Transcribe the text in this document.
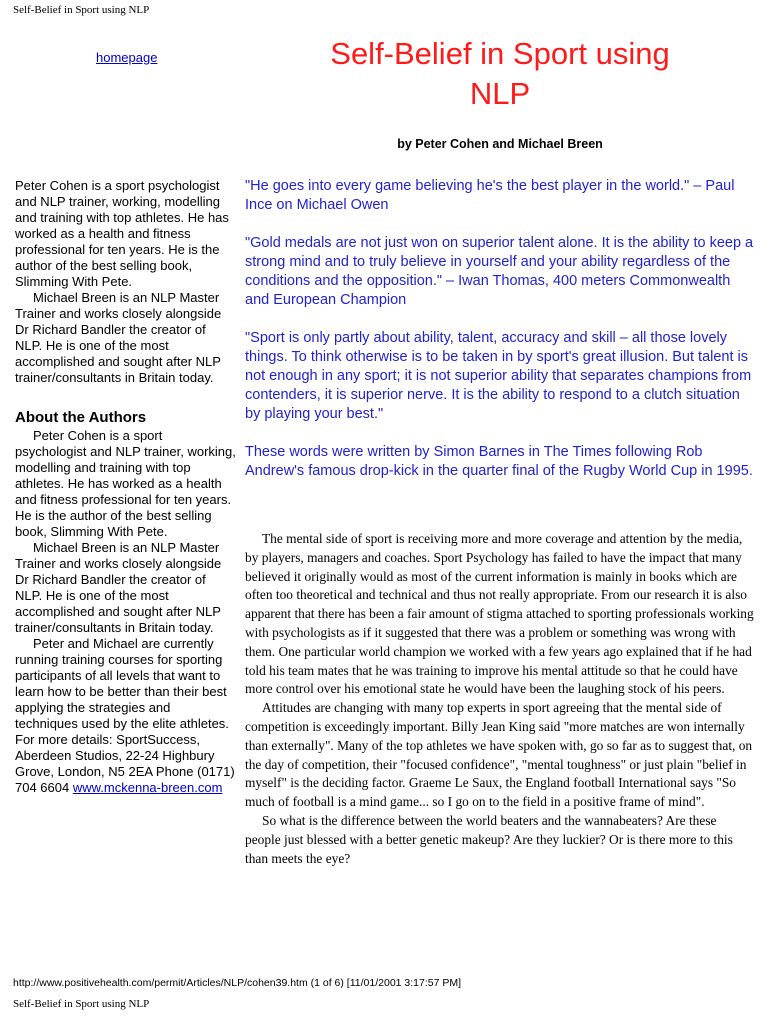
Self-Belief in Sport using NLP
homepage	Self-Belief in Sport using NLP
by Peter Cohen and Michael Breen

Peter Cohen is a sport psychologist and NLP trainer, working, modelling and training with top athletes. He has worked as a health and fitness professional for ten years. He is the author of the best selling book, Slimming With Pete.

Michael Breen is an NLP Master Trainer and works closely alongside Dr Richard Bandler the creator of NLP. He is one of the most accomplished and sought after NLP trainer/consultants in Britain today.

About the Authors

Peter Cohen is a sport psychologist and NLP trainer, working, modelling and training with top athletes. He has worked as a health and fitness professional for ten years. He is the author of the best selling book, Slimming With Pete.

Michael Breen is an NLP Master Trainer and works closely alongside Dr Richard Bandler the creator of NLP. He is one of the most accomplished and sought after NLP trainer/consultants in Britain today.

Peter and Michael are currently running training courses for sporting participants of all levels that want to learn how to be better than their best applying the strategies and techniques used by the elite athletes. For more details: SportSuccess, Aberdeen Studios, 22-24 Highbury Grove, London, N5 2EA Phone (0171) 704 6604 www.mckenna-breen.com

"He goes into every game believing he's the best player in the world." – Paul Ince on Michael Owen

"Gold medals are not just won on superior talent alone. It is the ability to keep a strong mind and to truly believe in yourself and your ability regardless of the conditions and the opposition." – Iwan Thomas, 400 meters Commonwealth and European Champion

"Sport is only partly about ability, talent, accuracy and skill – all those lovely things. To think otherwise is to be taken in by sport's great illusion. But talent is not enough in any sport; it is not superior ability that separates champions from contenders, it is superior nerve. It is the ability to respond to a clutch situation by playing your best."

These words were written by Simon Barnes in The Times following Rob Andrew's famous drop-kick in the quarter final of the Rugby World Cup in 1995.

The mental side of sport is receiving more and more coverage and attention by the media, by players, managers and coaches. Sport Psychology has failed to have the impact that many believed it originally would as most of the current information is mainly in books which are often too theoretical and technical and thus not really appropriate. From our research it is also apparent that there has been a fair amount of stigma attached to sporting professionals working with psychologists as if it suggested that there was a problem or something was wrong with them. One particular world champion we worked with a few years ago explained that if he had told his team mates that he was training to improve his mental attitude so that he could have more control over his emotional state he would have been the laughing stock of his peers.

Attitudes are changing with many top experts in sport agreeing that the mental side of competition is exceedingly important. Billy Jean King said "more matches are won internally than externally". Many of the top athletes we have spoken with, go so far as to suggest that, on the day of competition, their "focused confidence", "mental toughness" or just plain "belief in myself" is the deciding factor. Graeme Le Saux, the England football International says "So much of football is a mind game... so I go on to the field in a positive frame of mind".

So what is the difference between the world beaters and the wannabeaters? Are these people just blessed with a better genetic makeup? Are they luckier? Or is there more to this than meets the eye?

http://www.positivehealth.com/permit/Articles/NLP/cohen39.htm (1 of 6) [11/01/2001 3:17:57 PM]
Self-Belief in Sport using NLP
